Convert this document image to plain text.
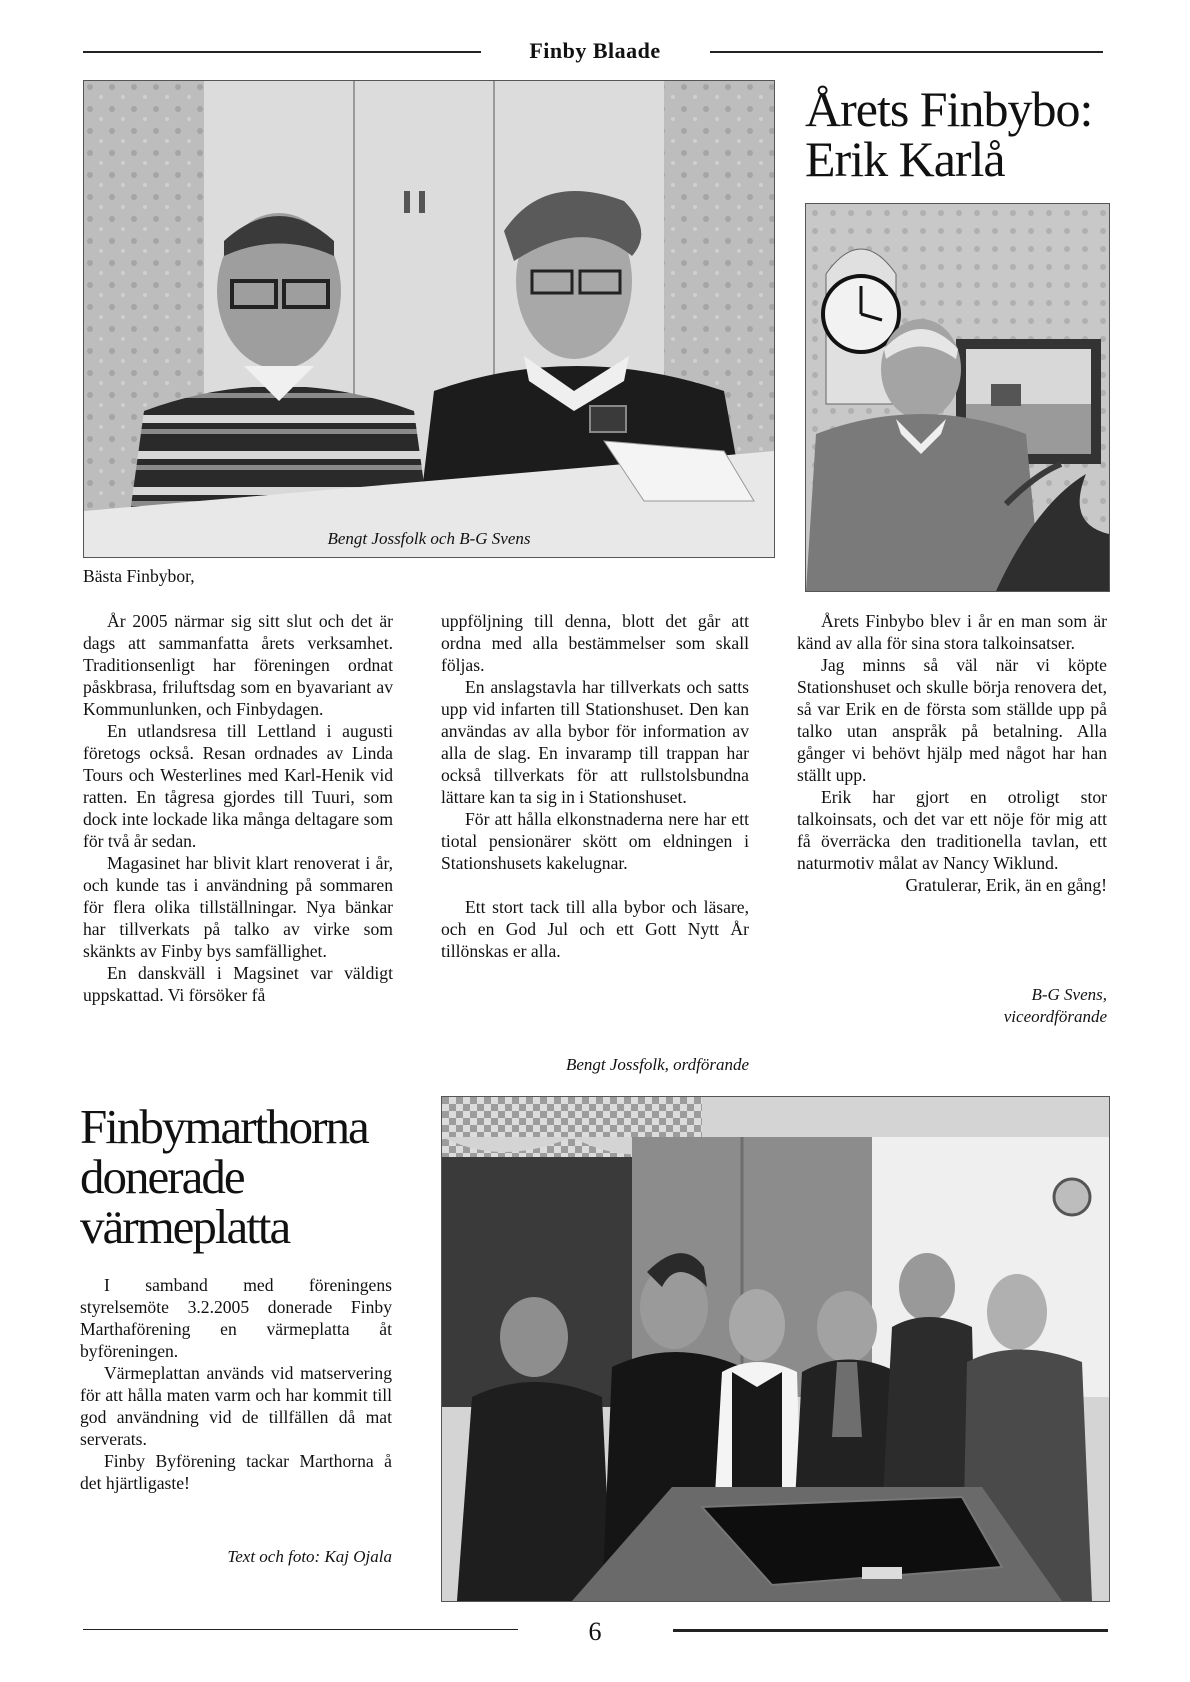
Finby Blaade
Bengt Jossfolk och B-G Svens
Årets Finbybo:
Erik Karlå
Bästa Finbybor,

År 2005 närmar sig sitt slut och det är dags att sammanfatta årets verksamhet. Traditionsenligt har föreningen ordnat påskbrasa, friluftsdag som en byavariant av Kommunlunken, och Finbydagen.

En utlandsresa till Lettland i augusti företogs också. Resan ordnades av Linda Tours och Westerlines med Karl-Henik vid ratten. En tågresa gjordes till Tuuri, som dock inte lockade lika många deltagare som för två år sedan.

Magasinet har blivit klart renoverat i år, och kunde tas i användning på sommaren för flera olika tillställningar. Nya bänkar har tillverkats på talko av virke som skänkts av Finby bys samfällighet.

En danskväll i Magsinet var väldigt uppskattad. Vi försöker få

uppföljning till denna, blott det går att ordna med alla bestämmelser som skall följas.

En anslagstavla har tillverkats och satts upp vid infarten till Stationshuset. Den kan användas av alla bybor för information av alla de slag. En invaramp till trappan har också tillverkats för att rullstolsbundna lättare kan ta sig in i Stationshuset.

För att hålla elkonstnaderna nere har ett tiotal pensionärer skött om eldningen i Stationshusets kakelugnar.

Ett stort tack till alla bybor och läsare, och en God Jul och ett Gott Nytt År tillönskas er alla.

Bengt Jossfolk, ordförande

Årets Finbybo blev i år en man som är känd av alla för sina stora talkoinsatser.

Jag minns så väl när vi köpte Stationshuset och skulle börja renovera det, så var Erik en de första som ställde upp på talko utan anspråk på betalning. Alla gånger vi behövt hjälp med något har han ställt upp.

Erik har gjort en otroligt stor talkoinsats, och det var ett nöje för mig att få överräcka den traditionella tavlan, ett naturmotiv målat av Nancy Wiklund.

Gratulerar, Erik, än en gång!

B-G Svens,
viceordförande
Finbymarthorna
donerade
värmeplatta

I samband med föreningens styrelsemöte 3.2.2005 donerade Finby Marthaförening en värmeplatta åt byföreningen.

Värmeplattan används vid matservering för att hålla maten varm och har kommit till god användning vid de tillfällen då mat serverats.

Finby Byförening tackar Marthorna å det hjärtligaste!

Text och foto: Kaj Ojala
6
